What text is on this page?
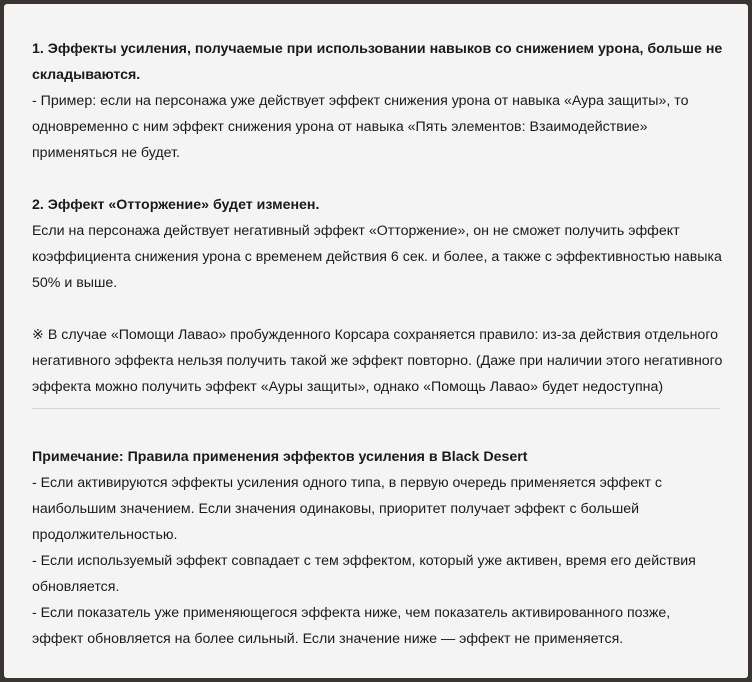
1. Эффекты усиления, получаемые при использовании навыков со снижением урона, больше не
складываются.
- Пример: если на персонажа уже действует эффект снижения урона от навыка «Аура защиты», то
одновременно с ним эффект снижения урона от навыка «Пять элементов: Взаимодействие»
применяться не будет.
2. Эффект «Отторжение» будет изменен.
Если на персонажа действует негативный эффект «Отторжение», он не сможет получить эффект
коэффициента снижения урона с временем действия 6 сек. и более, а также с эффективностью навыка
50% и выше.
※ В случае «Помощи Лавао» пробужденного Корсара сохраняется правило: из-за действия отдельного
негативного эффекта нельзя получить такой же эффект повторно. (Даже при наличии этого негативного
эффекта можно получить эффект «Ауры защиты», однако «Помощь Лавао» будет недоступна)
Примечание: Правила применения эффектов усиления в Black Desert
- Если активируются эффекты усиления одного типа, в первую очередь применяется эффект с
наибольшим значением. Если значения одинаковы, приоритет получает эффект с большей
продолжительностью.
- Если используемый эффект совпадает с тем эффектом, который уже активен, время его действия
обновляется.
- Если показатель уже применяющегося эффекта ниже, чем показатель активированного позже,
эффект обновляется на более сильный. Если значение ниже — эффект не применяется.
